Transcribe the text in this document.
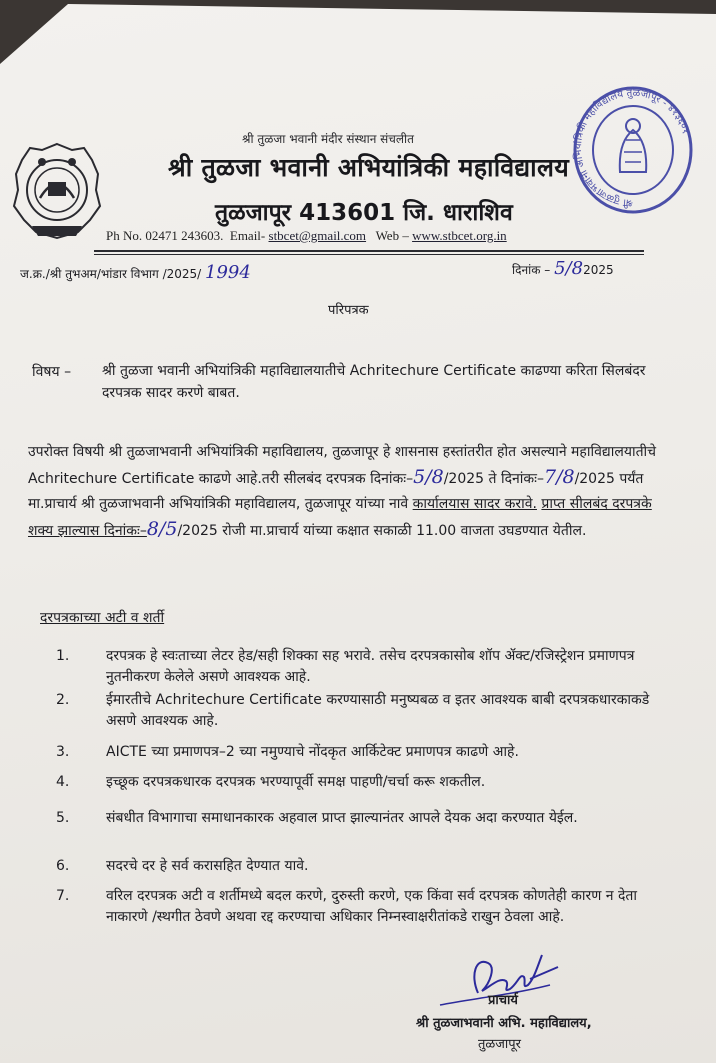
श्री तुळजा भवानी मंदीर संस्थान संचलीत
श्री तुळजा भवानी अभियांत्रिकी महाविद्यालय
तुळजापूर 413601 जि. धाराशिव
Ph No. 02471 243603. Email- stbcet@gmail.com Web – www.stbcet.org.in
श्री तुळजाभवानी अभियांत्रिकी महाविद्यालय तुळजापूर - ४१३६०१
ज.क्र./श्री तुभअम/भांडार विभाग /2025/ 1994	दिनांक – 5/82025
परिपत्रक
विषय – श्री तुळजा भवानी अभियांत्रिकी महाविद्यालयातीचे Achritechure Certificate काढण्या करिता सिलबंदर दरपत्रक सादर करणे बाबत.
उपरोक्त विषयी श्री तुळजाभवानी अभियांत्रिकी महाविद्यालय, तुळजापूर हे शासनास हस्तांतरीत होत असल्याने महाविद्यालयातीचे Achritechure Certificate काढणे आहे.तरी सीलबंद दरपत्रक दिनांकः–5/8/2025 ते दिनांकः–7/8/2025 पर्यंत मा.प्राचार्य श्री तुळजाभवानी अभियांत्रिकी महाविद्यालय, तुळजापूर यांच्या नावे कार्यालयास सादर करावे. प्राप्त सीलबंद दरपत्रके शक्य झाल्यास दिनांकः–8/5/2025 रोजी मा.प्राचार्य यांच्या कक्षात सकाळी 11.00 वाजता उघडण्यात येतील.
दरपत्रकाच्या अटी व शर्ती
1.	दरपत्रक हे स्वःताच्या लेटर हेड/सही शिक्का सह भरावे. तसेच दरपत्रकासोब शॉप ॲक्ट/रजिस्ट्रेशन प्रमाणपत्र नुतनीकरण केलेले असणे आवश्यक आहे.
2.	ईमारतीचे Achritechure Certificate करण्यासाठी मनुष्यबळ व इतर आवश्यक बाबी दरपत्रकधारकाकडे असणे आवश्यक आहे.
3.	AICTE च्या प्रमाणपत्र–2 च्या नमुण्याचे नोंदकृत आर्किटेक्ट प्रमाणपत्र काढणे आहे.
4.	इच्छूक दरपत्रकधारक दरपत्रक भरण्यापूर्वी समक्ष पाहणी/चर्चा करू शकतील.
5.	संबधीत विभागाचा समाधानकारक अहवाल प्राप्त झाल्यानंतर आपले देयक अदा करण्यात येईल.
6.	सदरचे दर हे सर्व करासहित देण्यात यावे.
7.	वरिल दरपत्रक अटी व शर्तीमध्ये बदल करणे, दुरुस्ती करणे, एक किंवा सर्व दरपत्रक कोणतेही कारण न देता नाकारणे /स्थगीत ठेवणे अथवा रद्द करण्याचा अधिकार निम्नस्वाक्षरीतांकडे राखुन ठेवला आहे.
प्राचार्य
श्री तुळजाभवानी अभि. महाविद्यालय,
तुळजापूर
